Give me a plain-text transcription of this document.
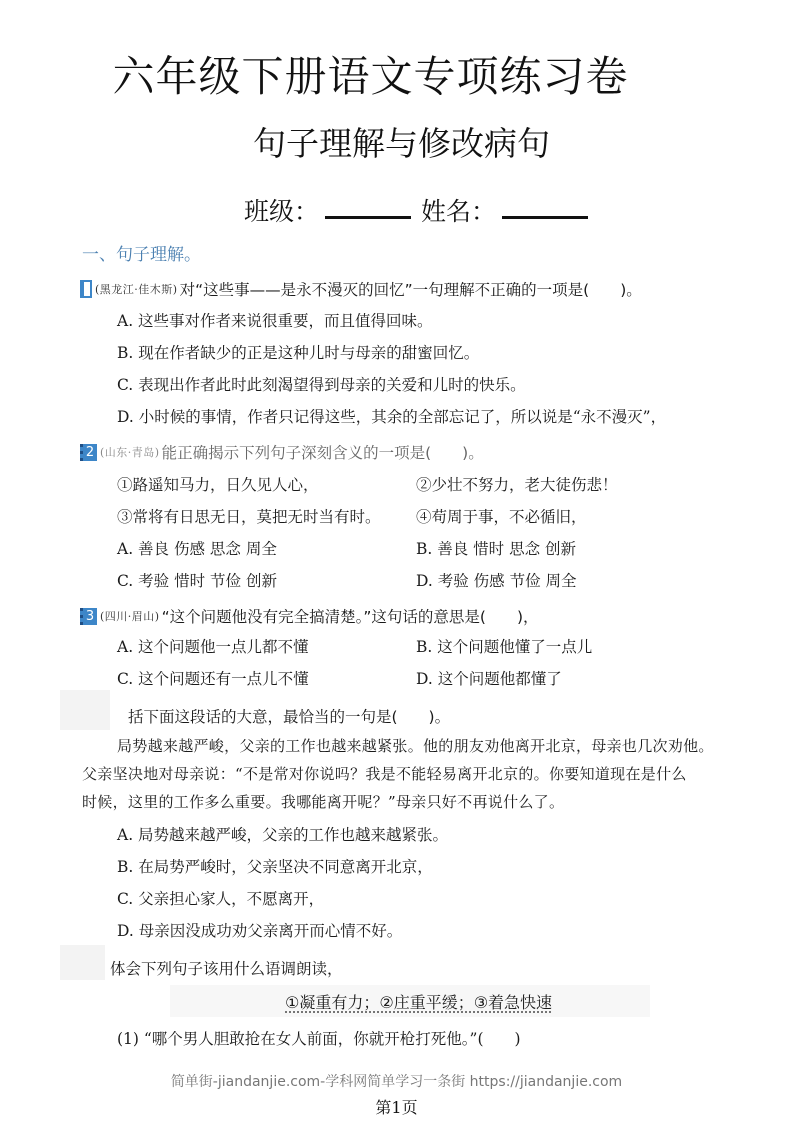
六年级下册语文专项练习卷
句子理解与修改病句
班级：	姓名：
一、句子理解。
(黑龙江·佳木斯) 对“这些事——是永不漫灭的回忆”一句理解不正确的一项是(　　)。
A. 这些事对作者来说很重要，而且值得回味。
B. 现在作者缺少的正是这种儿时与母亲的甜蜜回忆。
C. 表现出作者此时此刻渴望得到母亲的关爱和儿时的快乐。
D. 小时候的事情，作者只记得这些，其余的全部忘记了，所以说是“永不漫灭”，
2 (山东·青岛) 能正确揭示下列句子深刻含义的一项是(　　)。
①路遥知马力，日久见人心，	②少壮不努力，老大徒伤悲！
③常将有日思无日，莫把无时当有时。 ④苟周于事，不必循旧，
A. 善良 伤感 思念 周全	B. 善良 惜时 思念 创新
C. 考验 惜时 节俭 创新	D. 考验 伤感 节俭 周全
3 (四川·眉山) “这个问题他没有完全搞清楚。”这句话的意思是(　　)，
A. 这个问题他一点儿都不懂	B. 这个问题他懂了一点儿
C. 这个问题还有一点儿不懂	D. 这个问题他都懂了
括下面这段话的大意，最恰当的一句是(　　)。
局势越来越严峻，父亲的工作也越来越紧张。他的朋友劝他离开北京，母亲也几次劝他。
父亲坚决地对母亲说：“不是常对你说吗？我是不能轻易离开北京的。你要知道现在是什么
时候，这里的工作多么重要。我哪能离开呢？”母亲只好不再说什么了。
A. 局势越来越严峻，父亲的工作也越来越紧张。
B. 在局势严峻时，父亲坚决不同意离开北京，
C. 父亲担心家人，不愿离开，
D. 母亲因没成功劝父亲离开而心情不好。
体会下列句子该用什么语调朗读，
①凝重有力；②庄重平缓；③着急快速
(1) “哪个男人胆敢抢在女人前面，你就开枪打死他。”(　　)
简单街-jiandanjie.com-学科网简单学习一条街 https://jiandanjie.com
第1页
